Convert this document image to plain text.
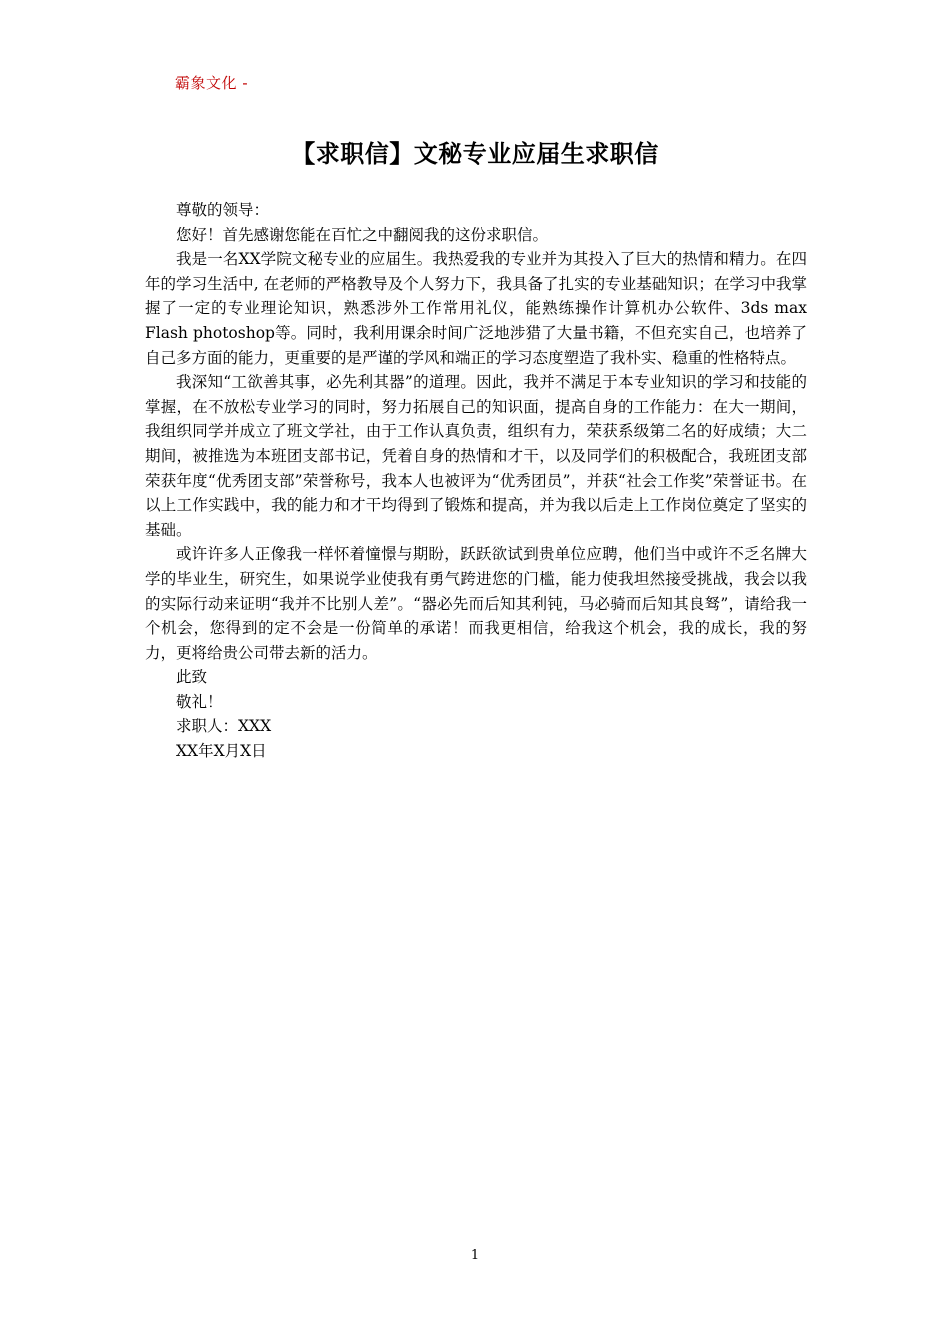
霸象文化 -
【求职信】文秘专业应届生求职信

尊敬的领导：

您好！首先感谢您能在百忙之中翻阅我的这份求职信。

我是一名XX学院文秘专业的应届生。我热爱我的专业并为其投入了巨大的热情和精力。在四年的学习生活中, 在老师的严格教导及个人努力下，我具备了扎实的专业基础知识；在学习中我掌握了一定的专业理论知识，熟悉涉外工作常用礼仪，能熟练操作计算机办公软件、3ds max Flash photoshop等。同时，我利用课余时间广泛地涉猎了大量书籍，不但充实自己，也培养了自己多方面的能力，更重要的是严谨的学风和端正的学习态度塑造了我朴实、稳重的性格特点。

我深知“工欲善其事，必先利其器”的道理。因此，我并不满足于本专业知识的学习和技能的掌握，在不放松专业学习的同时，努力拓展自己的知识面，提高自身的工作能力：在大一期间，我组织同学并成立了班文学社，由于工作认真负责，组织有力，荣获系级第二名的好成绩；大二期间，被推选为本班团支部书记，凭着自身的热情和才干，以及同学们的积极配合，我班团支部荣获年度“优秀团支部”荣誉称号，我本人也被评为“优秀团员”，并获“社会工作奖”荣誉证书。在以上工作实践中，我的能力和才干均得到了锻炼和提高，并为我以后走上工作岗位奠定了坚实的基础。

或许许多人正像我一样怀着憧憬与期盼，跃跃欲试到贵单位应聘，他们当中或许不乏名牌大学的毕业生，研究生，如果说学业使我有勇气跨进您的门槛，能力使我坦然接受挑战，我会以我的实际行动来证明“我并不比别人差”。“器必先而后知其利钝，马必骑而后知其良驽”，请给我一个机会，您得到的定不会是一份简单的承诺！而我更相信，给我这个机会，我的成长，我的努力，更将给贵公司带去新的活力。

此致

敬礼！

求职人：XXX

XX年X月X日

1
